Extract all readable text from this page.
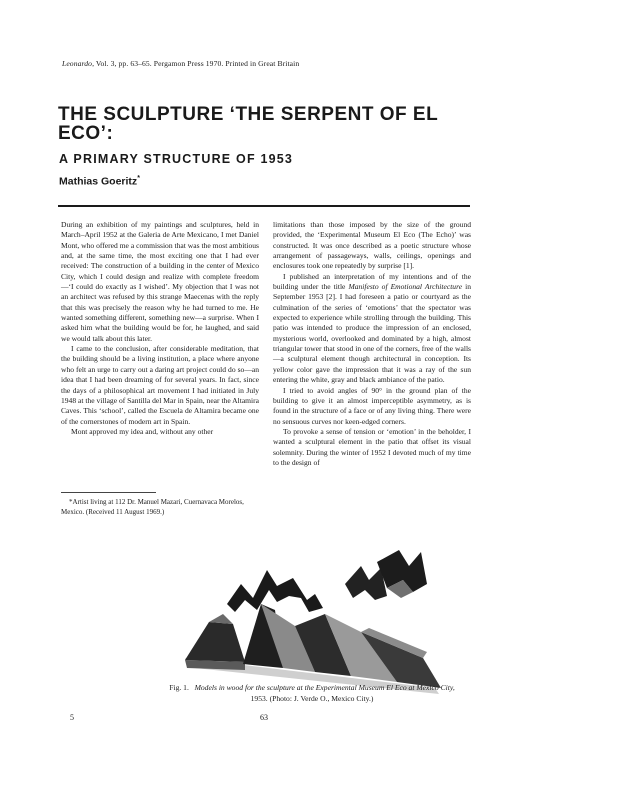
Leonardo, Vol. 3, pp. 63–65. Pergamon Press 1970. Printed in Great Britain
THE SCULPTURE ‘THE SERPENT OF EL ECO’:
A PRIMARY STRUCTURE OF 1953
Mathias Goeritz*

During an exhibition of my paintings and sculptures, held in March–April 1952 at the Galeria de Arte Mexicano, I met Daniel Mont, who offered me a commission that was the most ambitious and, at the same time, the most exciting one that I had ever received: The construction of a building in the center of Mexico City, which I could design and realize with complete freedom—‘I could do exactly as I wished’. My objection that I was not an architect was refused by this strange Maecenas with the reply that this was precisely the reason why he had turned to me. He wanted something different, something new—a surprise. When I asked him what the building would be for, he laughed, and said we would talk about this later.

I came to the conclusion, after considerable meditation, that the building should be a living institution, a place where anyone who felt an urge to carry out a daring art project could do so—an idea that I had been dreaming of for several years. In fact, since the days of a philosophical art movement I had initiated in July 1948 at the village of Santilla del Mar in Spain, near the Altamira Caves. This ‘school’, called the Escuela de Altamira became one of the cornerstones of modern art in Spain.

Mont approved my idea and, without any other

limitations than those imposed by the size of the ground provided, the ‘Experimental Museum El Eco (The Echo)’ was constructed. It was once described as a poetic structure whose arrangement of passageways, walls, ceilings, openings and enclosures took one repeatedly by surprise [1].

I published an interpretation of my intentions and of the building under the title Manifesto of Emotional Architecture in September 1953 [2]. I had foreseen a patio or courtyard as the culmination of the series of ‘emotions’ that the spectator was expected to experience while strolling through the building. This patio was intended to produce the impression of an enclosed, mysterious world, overlooked and dominated by a high, almost triangular tower that stood in one of the corners, free of the walls—a sculptural element though architectural in conception. Its yellow color gave the impression that it was a ray of the sun entering the white, gray and black ambiance of the patio.

I tried to avoid angles of 90° in the ground plan of the building to give it an almost imperceptible asymmetry, as is found in the structure of a face or of any living thing. There were no sensuous curves nor keen-edged corners.

To provoke a sense of tension or ‘emotion’ in the beholder, I wanted a sculptural element in the patio that offset its visual solemnity. During the winter of 1952 I devoted much of my time to the design of

*Artist living at 112 Dr. Manuel Mazari, Cuernavaca Morelos, Mexico. (Received 11 August 1969.)
Fig. 1. Models in wood for the sculpture at the Experimental Museum El Eco at Mexico City,
1953. (Photo: J. Verde O., Mexico City.)
5	63
